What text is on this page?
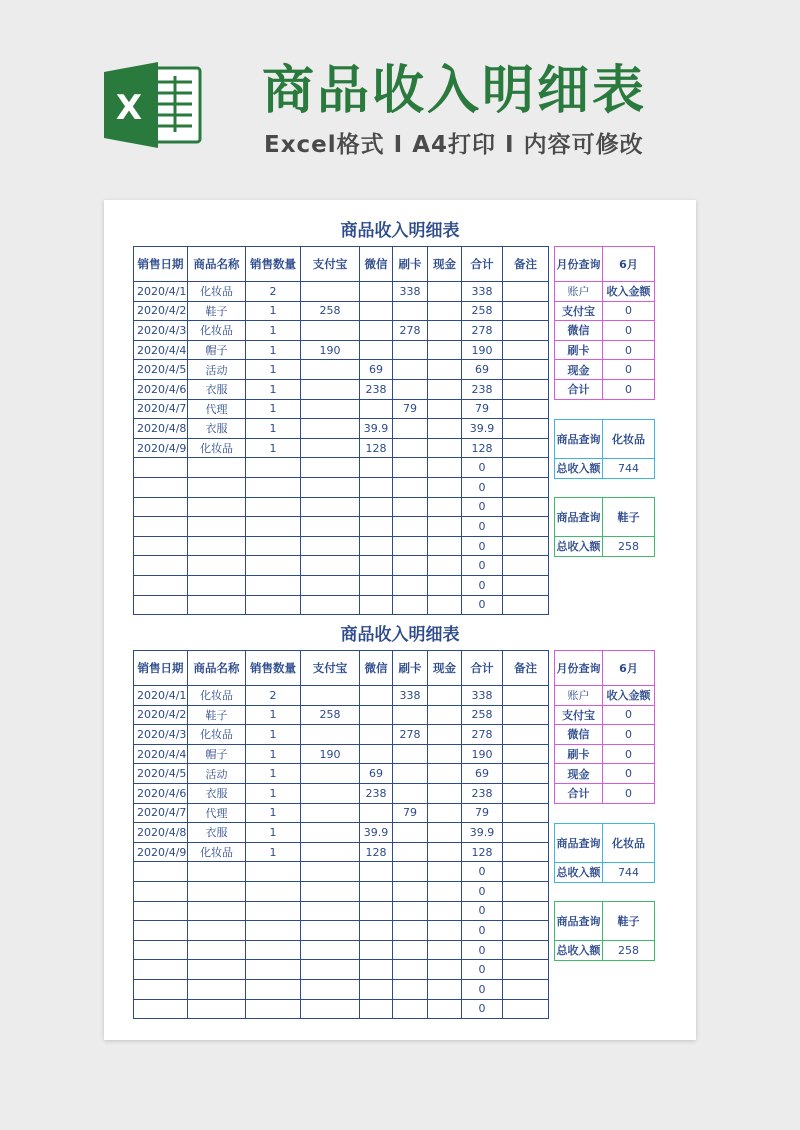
X 商品收入明细表
Excel格式 I A4打印 I 内容可修改
商品收入明细表
销售日期	商品名称	销售数量	支付宝	微信	刷卡	现金	合计	备注
2020/4/1	化妆品	2			338		338	
2020/4/2	鞋子	1	258				258	
2020/4/3	化妆品	1			278		278	
2020/4/4	帽子	1	190				190	
2020/4/5	活动	1		69			69	
2020/4/6	衣服	1		238			238	
2020/4/7	代理	1			79		79	
2020/4/8	衣服	1		39.9			39.9	
2020/4/9	化妆品	1		128			128	
							0	
							0	
							0	
							0	
							0	
							0	
							0	
							0	
月份查询	6月
账户	收入金额
支付宝	0
微信	0
刷卡	0
现金	0
合计	0
商品查询	化妆品
总收入额	744
商品查询	鞋子
总收入额	258
商品收入明细表
销售日期	商品名称	销售数量	支付宝	微信	刷卡	现金	合计	备注
2020/4/1	化妆品	2			338		338	
2020/4/2	鞋子	1	258				258	
2020/4/3	化妆品	1			278		278	
2020/4/4	帽子	1	190				190	
2020/4/5	活动	1		69			69	
2020/4/6	衣服	1		238			238	
2020/4/7	代理	1			79		79	
2020/4/8	衣服	1		39.9			39.9	
2020/4/9	化妆品	1		128			128	
							0	
							0	
							0	
							0	
							0	
							0	
							0	
							0	
月份查询	6月
账户	收入金额
支付宝	0
微信	0
刷卡	0
现金	0
合计	0
商品查询	化妆品
总收入额	744
商品查询	鞋子
总收入额	258
